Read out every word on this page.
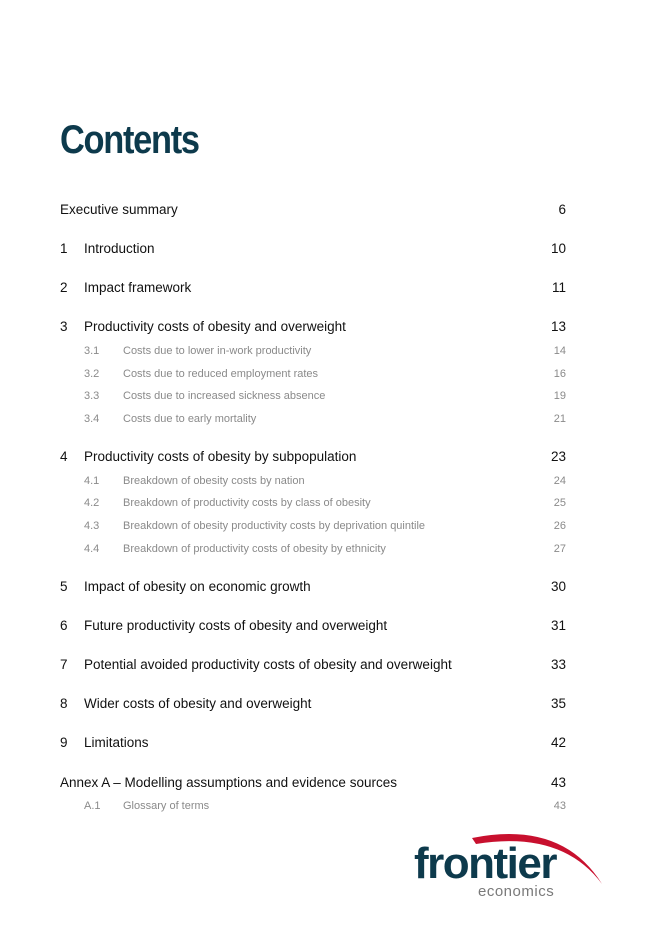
Contents
Executive summary	6
1 Introduction	10
2 Impact framework	11
3 Productivity costs of obesity and overweight	13
3.1 Costs due to lower in-work productivity	14
3.2 Costs due to reduced employment rates	16
3.3 Costs due to increased sickness absence	19
3.4 Costs due to early mortality	21
4 Productivity costs of obesity by subpopulation	23
4.1 Breakdown of obesity costs by nation	24
4.2 Breakdown of productivity costs by class of obesity	25
4.3 Breakdown of obesity productivity costs by deprivation quintile	26
4.4 Breakdown of productivity costs of obesity by ethnicity	27
5 Impact of obesity on economic growth	30
6 Future productivity costs of obesity and overweight	31
7 Potential avoided productivity costs of obesity and overweight	33
8 Wider costs of obesity and overweight	35
9 Limitations	42
Annex A – Modelling assumptions and evidence sources	43
A.1 Glossary of terms	43
frontier
economics
